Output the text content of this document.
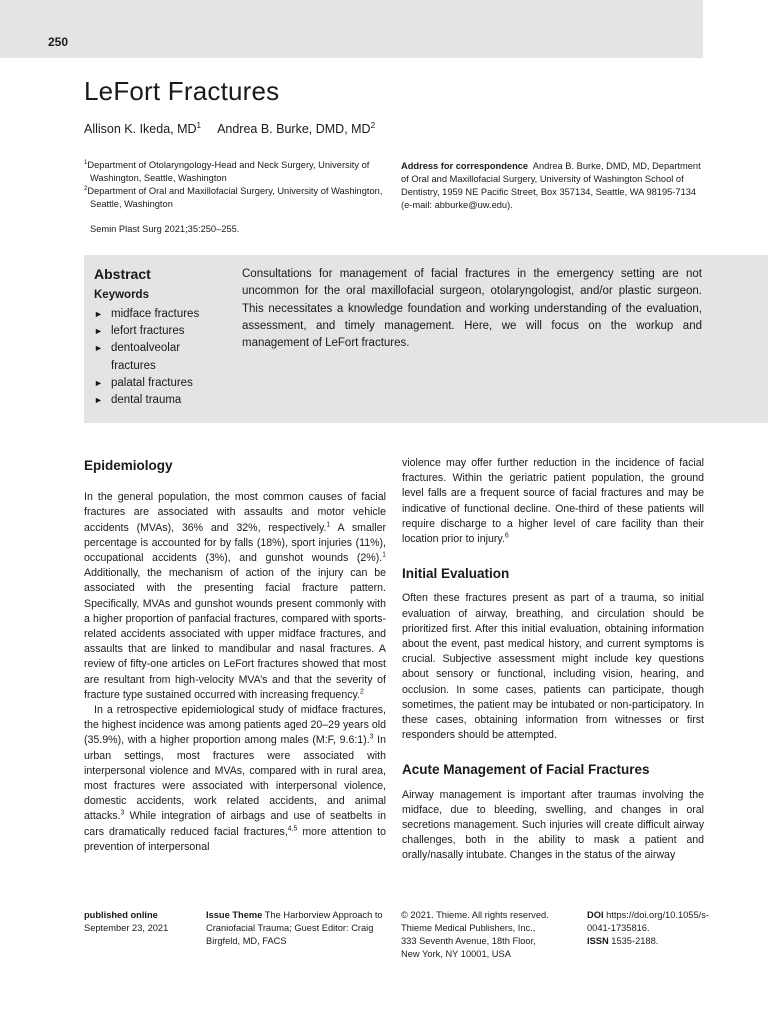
250
LeFort Fractures
Allison K. Ikeda, $MD^1$ Andrea B. Burke, DMD, $MD^2$
$^1$Department of Otolaryngology-Head and Neck Surgery, University of Washington, Seattle, Washington
$^2$Department of Oral and Maxillofacial Surgery, University of Washington, Seattle, Washington
Address for correspondence Andrea B. Burke, DMD, MD, Department of Oral and Maxillofacial Surgery, University of Washington School of Dentistry, 1959 NE Pacific Street, Box 357134, Seattle, WA 98195-7134 (e-mail: abburke@uw.edu).
Semin Plast Surg 2021;35:250–255.
Abstract
Keywords
► midface fractures
► lefort fractures
► dentoalveolar fractures
► palatal fractures
► dental trauma
Consultations for management of facial fractures in the emergency setting are not uncommon for the oral maxillofacial surgeon, otolaryngologist, and/or plastic surgeon. This necessitates a knowledge foundation and working understanding of the evaluation, assessment, and timely management. Here, we will focus on the workup and management of LeFort fractures.
Epidemiology

In the general population, the most common causes of facial fractures are associated with assaults and motor vehicle accidents (MVAs), 36% and 32%, respectively.$^1$ A smaller percentage is accounted for by falls (18%), sport injuries (11%), occupational accidents (3%), and gunshot wounds (2%).$^1$ Additionally, the mechanism of action of the injury can be associated with the presenting facial fracture pattern. Specifically, MVAs and gunshot wounds present commonly with a higher proportion of panfacial fractures, compared with sports-related accidents associated with upper midface fractures, and assaults that are linked to mandibular and nasal fractures. A review of fifty-one articles on LeFort fractures showed that most are resultant from high-velocity MVA’s and that the severity of fracture type sustained occurred with increasing frequency.$^2$

In a retrospective epidemiological study of midface fractures, the highest incidence was among patients aged 20–29 years old (35.9%), with a higher proportion among males (M:F, 9.6:1).$^3$ In urban settings, most fractures were associated with interpersonal violence and MVAs, compared with in rural area, most fractures were associated with interpersonal violence, domestic accidents, work related accidents, and animal attacks.$^3$ While integration of airbags and use of seatbelts in cars dramatically reduced facial fractures,$^{4,5}$ more attention to prevention of interpersonal

violence may offer further reduction in the incidence of facial fractures. Within the geriatric patient population, the ground level falls are a frequent source of facial fractures and may be indicative of functional decline. One-third of these patients will require discharge to a higher level of care facility than their location prior to injury.$^6$

Initial Evaluation

Often these fractures present as part of a trauma, so initial evaluation of airway, breathing, and circulation should be prioritized first. After this initial evaluation, obtaining information about the event, past medical history, and current symptoms is crucial. Subjective assessment might include key questions about sensory or functional, including vision, hearing, and occlusion. In some cases, patients can participate, though sometimes, the patient may be intubated or non-participatory. In these cases, obtaining information from witnesses or first responders should be attempted.

Acute Management of Facial Fractures

Airway management is important after traumas involving the midface, due to bleeding, swelling, and changes in oral secretions management. Such injuries will create difficult airway challenges, both in the ability to mask a patient and orally/nasally intubate. Changes in the status of the airway

published online
September 23, 2021
Issue Theme The Harborview Approach to Craniofacial Trauma; Guest Editor: Craig Birgfeld, MD, FACS
© 2021. Thieme. All rights reserved.
Thieme Medical Publishers, Inc.,
333 Seventh Avenue, 18th Floor,
New York, NY 10001, USA
DOI https://doi.org/10.1055/s-0041-1735816.
ISSN 1535-2188.
